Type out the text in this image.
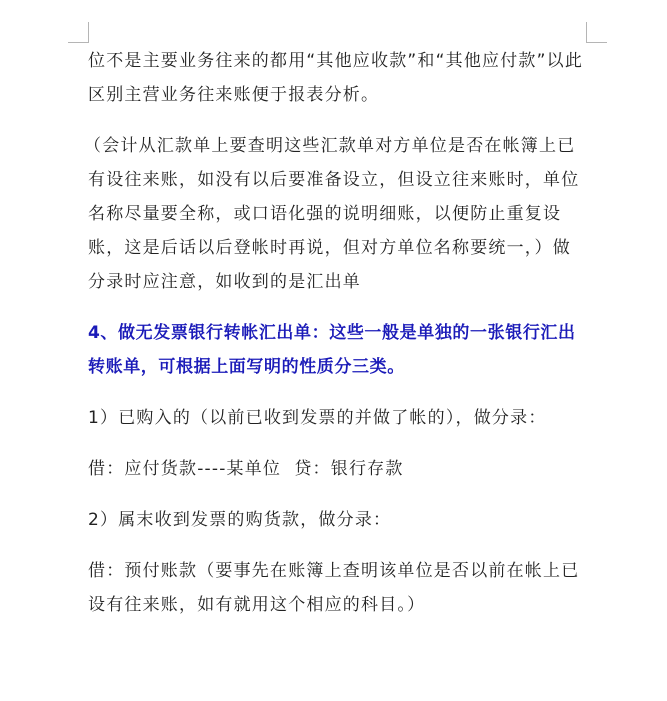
位不是主要业务往来的都用“其他应收款”和“其他应付款”以此区别主营业务往来账便于报表分析。

（会计从汇款单上要查明这些汇款单对方单位是否在帐簿上已有设往来账，如没有以后要准备设立，但设立往来账时，单位名称尽量要全称，或口语化强的说明细账，以便防止重复设账，这是后话以后登帐时再说，但对方单位名称要统一，）做分录时应注意，如收到的是汇出单

4、做无发票银行转帐汇出单：这些一般是单独的一张银行汇出转账单，可根据上面写明的性质分三类。

1）已购入的（以前已收到发票的并做了帐的），做分录：

借：应付货款----某单位  贷：银行存款

2）属末收到发票的购货款，做分录：

借：预付账款（要事先在账簿上查明该单位是否以前在帐上已设有往来账，如有就用这个相应的科目。）
